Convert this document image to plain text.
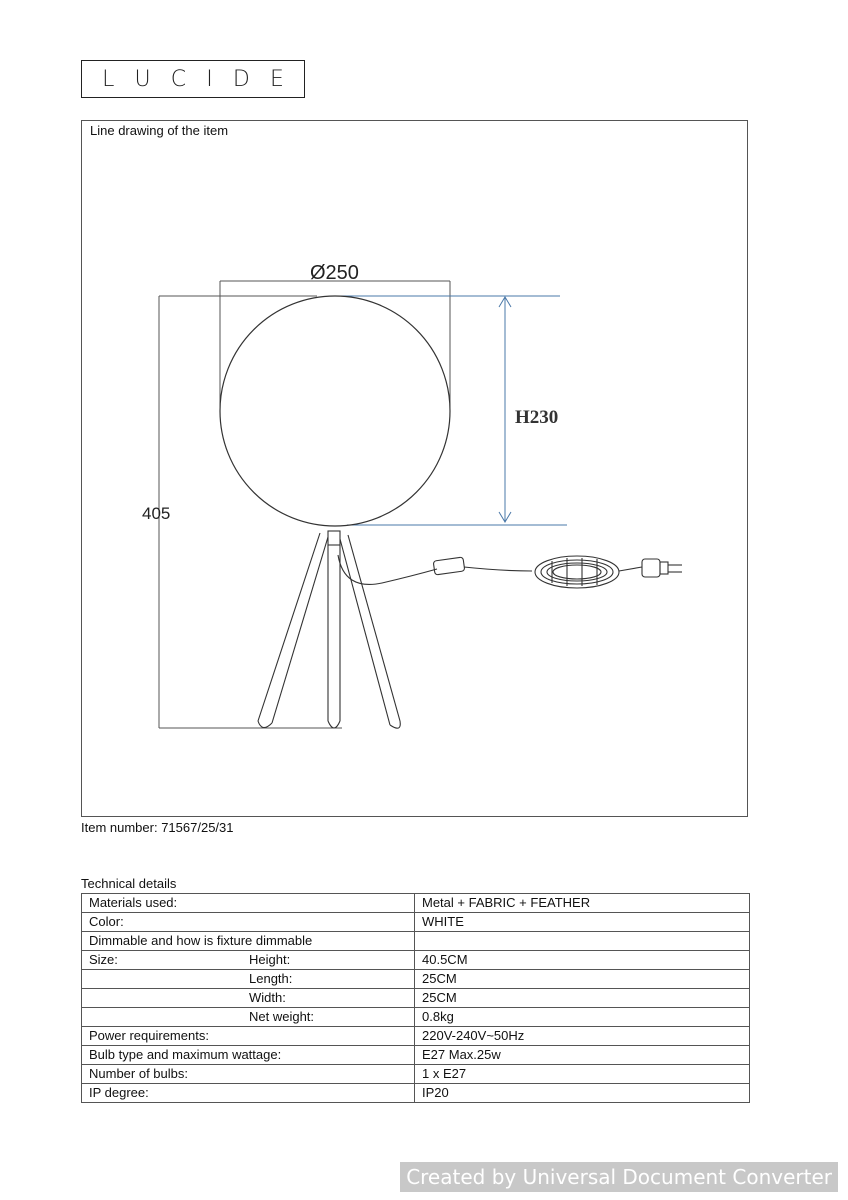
L U C I D E
Line drawing of the item
Ø250
H230
405
Item number: 71567/25/31
Technical details
Materials used:	Metal + FABRIC + FEATHER
Color:	WHITE
Dimmable and how is fixture dimmable	
Size: Height:	40.5CM
Length:	25CM
Width:	25CM
Net weight:	0.8kg
Power requirements:	220V-240V~50Hz
Bulb type and maximum wattage:	E27 Max.25w
Number of bulbs:	1 x E27
IP degree:	IP20
Created by Universal Document Converter
